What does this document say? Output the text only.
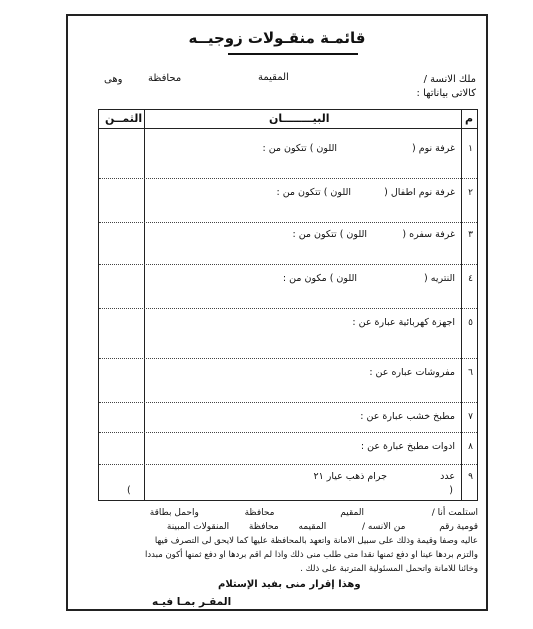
قائمـة منقـولات زوجيــه
ملك الانسة /
المقيمة
محافظة
وهى
كالاتى بياناتها :
م
البيــــــــان
الثمــن
١
غرفة نوم (
اللون ) تتكون من :
٢
غرفة نوم اطفال (
اللون ) تتكون من :
٣
غرفة سفره (
اللون ) تتكون من :
٤
النتريه (
اللون ) مكون من :
٥
اجهزة كهربائية عبارة عن :
٦
مفروشات عباره عن :
٧
مطبخ خشب عبارة عن :
٨
ادوات مطبخ عبارة عن :
٩
عدد
جرام ذهب عيار ٢١
(
)
استلمت أنا /  المقيم  محافظة  واحمل بطاقة
قومية رقم  من الانسه /  المقيمه  محافظة  المنقولات المبينة
عاليه وصفا وقيمة وذلك على سبيل الامانة واتعهد بالمحافظة عليها كما لايحق لى التصرف فيها
والتزم بردها عينا او دفع ثمنها نقدا متى طلب منى ذلك واذا لم اقم بردها او دفع ثمنها أكون مبددا
وخائنا للامانة واتحمل المسئولية المترتبة على ذلك .
وهذا إقرار منى بفيد الإستلام
المقـر بمـا فيـه
